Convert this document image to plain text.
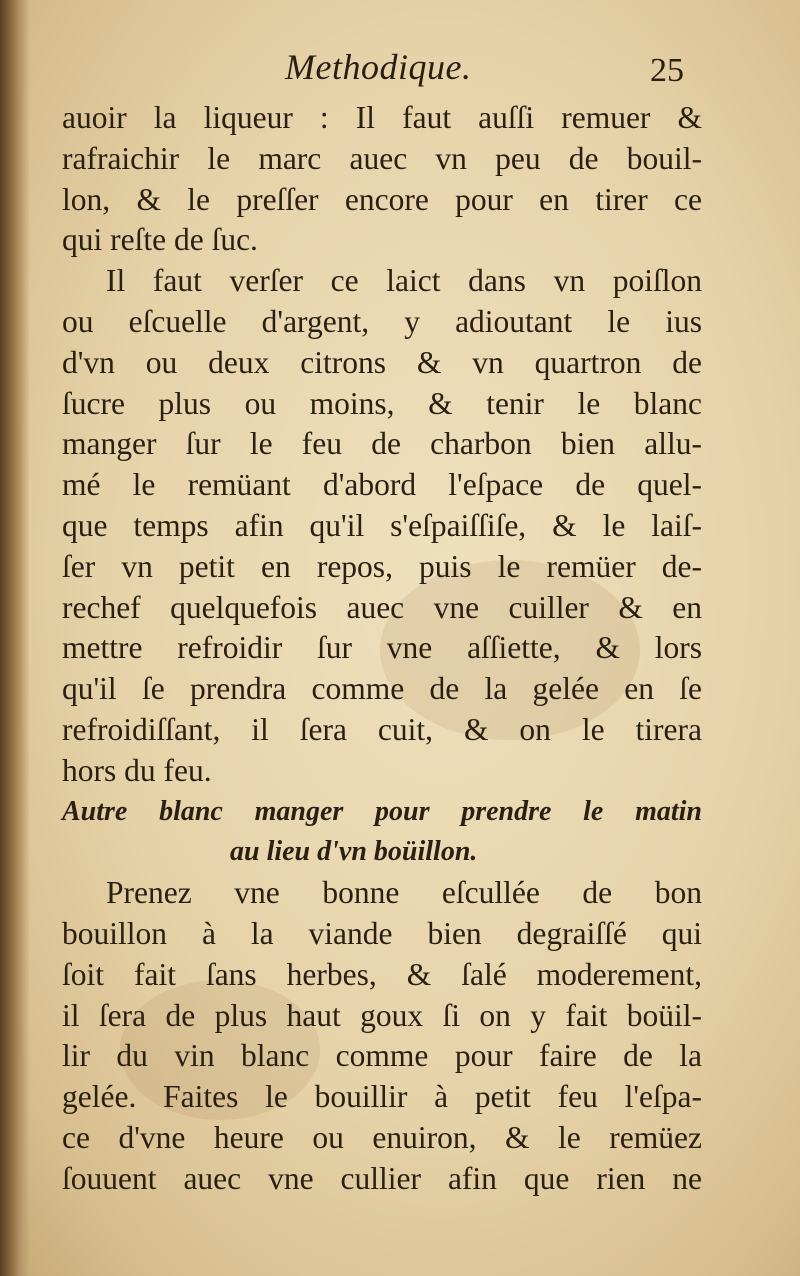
Methodique.	25
auoir la liqueur : Il faut auſſi remuer &
rafraichir le marc auec vn peu de bouil-
lon, & le preſſer encore pour en tirer ce
qui reſte de ſuc.
Il faut verſer ce laict dans vn poiſlon
ou eſcuelle d'argent, y adioutant le ius
d'vn ou deux citrons & vn quartron de
ſucre plus ou moins, & tenir le blanc
manger ſur le feu de charbon bien allu-
mé le remüant d'abord l'eſpace de quel-
que temps afin qu'il s'eſpaiſſiſe, & le laiſ-
ſer vn petit en repos, puis le remüer de-
rechef quelquefois auec vne cuiller & en
mettre refroidir ſur vne aſſiette, & lors
qu'il ſe prendra comme de la gelée en ſe
refroidiſſant, il ſera cuit, & on le tirera
hors du feu.
Autre blanc manger pour prendre le matin
au lieu d'vn boüillon.
Prenez vne bonne eſcullée de bon
bouillon à la viande bien degraiſſé qui
ſoit fait ſans herbes, & ſalé moderement,
il ſera de plus haut goux ſi on y fait boüil-
lir du vin blanc comme pour faire de la
gelée. Faites le bouillir à petit feu l'eſpa-
ce d'vne heure ou enuiron, & le remüez
ſouuent auec vne cullier afin que rien ne
